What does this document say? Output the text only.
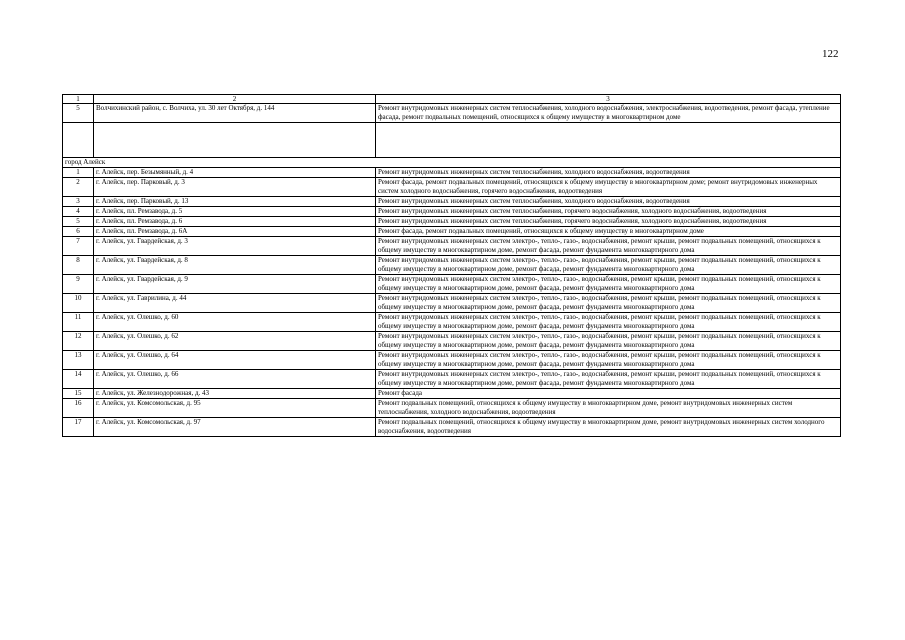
122
1	2	3
5	Волчихинский район, с. Волчиха, ул. 30 лет Октября, д. 144	Ремонт внутридомовых инженерных систем теплоснабжения, холодного водоснабжения, электроснабжения, водоотведения, ремонт фасада, утепление фасада, ремонт подвальных помещений, относящихся к общему имуществу в многоквартирном доме

город Алейск		
1	г. Алейск, пер. Безымянный, д. 4	Ремонт внутридомовых инженерных систем теплоснабжения, холодного водоснабжения, водоотведения
2	г. Алейск, пер. Парковый, д. 3	Ремонт фасада, ремонт подвальных помещений, относящихся к общему имуществу в многоквартирном доме; ремонт внутридомовых инженерных систем холодного водоснабжения, горячего водоснабжения, водоотведения
3	г. Алейск, пер. Парковый, д. 13	Ремонт внутридомовых инженерных систем теплоснабжения, холодного водоснабжения, водоотведения
4	г. Алейск, пл. Ремзавода, д. 5	Ремонт внутридомовых инженерных систем теплоснабжения, горячего водоснабжения, холодного водоснабжения, водоотведения
5	г. Алейск, пл. Ремзавода, д. 6	Ремонт внутридомовых инженерных систем теплоснабжения, горячего водоснабжения, холодного водоснабжения, водоотведения
6	г. Алейск, пл. Ремзавода, д. 6А	Ремонт фасада, ремонт подвальных помещений, относящихся к общему имуществу в многоквартирном доме
7	г. Алейск, ул. Гвардейская, д. 3	Ремонт внутридомовых инженерных систем электро-, тепло-, газо-, водоснабжения, ремонт крыши, ремонт подвальных помещений, относящихся к общему имуществу в многоквартирном доме, ремонт фасада, ремонт фундамента многоквартирного дома
8	г. Алейск, ул. Гвардейская, д. 8	Ремонт внутридомовых инженерных систем электро-, тепло-, газо-, водоснабжения, ремонт крыши, ремонт подвальных помещений, относящихся к общему имуществу в многоквартирном доме, ремонт фасада, ремонт фундамента многоквартирного дома
9	г. Алейск, ул. Гвардейская, д. 9	Ремонт внутридомовых инженерных систем электро-, тепло-, газо-, водоснабжения, ремонт крыши, ремонт подвальных помещений, относящихся к общему имуществу в многоквартирном доме, ремонт фасада, ремонт фундамента многоквартирного дома
10	г. Алейск, ул. Гаврилина, д. 44	Ремонт внутридомовых инженерных систем электро-, тепло-, газо-, водоснабжения, ремонт крыши, ремонт подвальных помещений, относящихся к общему имуществу в многоквартирном доме, ремонт фасада, ремонт фундамента многоквартирного дома
11	г. Алейск, ул. Олешко, д. 60	Ремонт внутридомовых инженерных систем электро-, тепло-, газо-, водоснабжения, ремонт крыши, ремонт подвальных помещений, относящихся к общему имуществу в многоквартирном доме, ремонт фасада, ремонт фундамента многоквартирного дома
12	г. Алейск, ул. Олешко, д. 62	Ремонт внутридомовых инженерных систем электро-, тепло-, газо-, водоснабжения, ремонт крыши, ремонт подвальных помещений, относящихся к общему имуществу в многоквартирном доме, ремонт фасада, ремонт фундамента многоквартирного дома
13	г. Алейск, ул. Олешко, д. 64	Ремонт внутридомовых инженерных систем электро-, тепло-, газо-, водоснабжения, ремонт крыши, ремонт подвальных помещений, относящихся к общему имуществу в многоквартирном доме, ремонт фасада, ремонт фундамента многоквартирного дома
14	г. Алейск, ул. Олешко, д. 66	Ремонт внутридомовых инженерных систем электро-, тепло-, газо-, водоснабжения, ремонт крыши, ремонт подвальных помещений, относящихся к общему имуществу в многоквартирном доме, ремонт фасада, ремонт фундамента многоквартирного дома
15	г. Алейск, ул. Железнодорожная, д. 43	Ремонт фасада
16	г. Алейск, ул. Комсомольская, д. 95	Ремонт подвальных помещений, относящихся к общему имуществу в многоквартирном доме, ремонт внутридомовых инженерных систем теплоснабжения, холодного водоснабжения, водоотведения
17	г. Алейск, ул. Комсомольская, д. 97	Ремонт подвальных помещений, относящихся к общему имуществу в многоквартирном доме, ремонт внутридомовых инженерных систем холодного водоснабжения, водоотведения
